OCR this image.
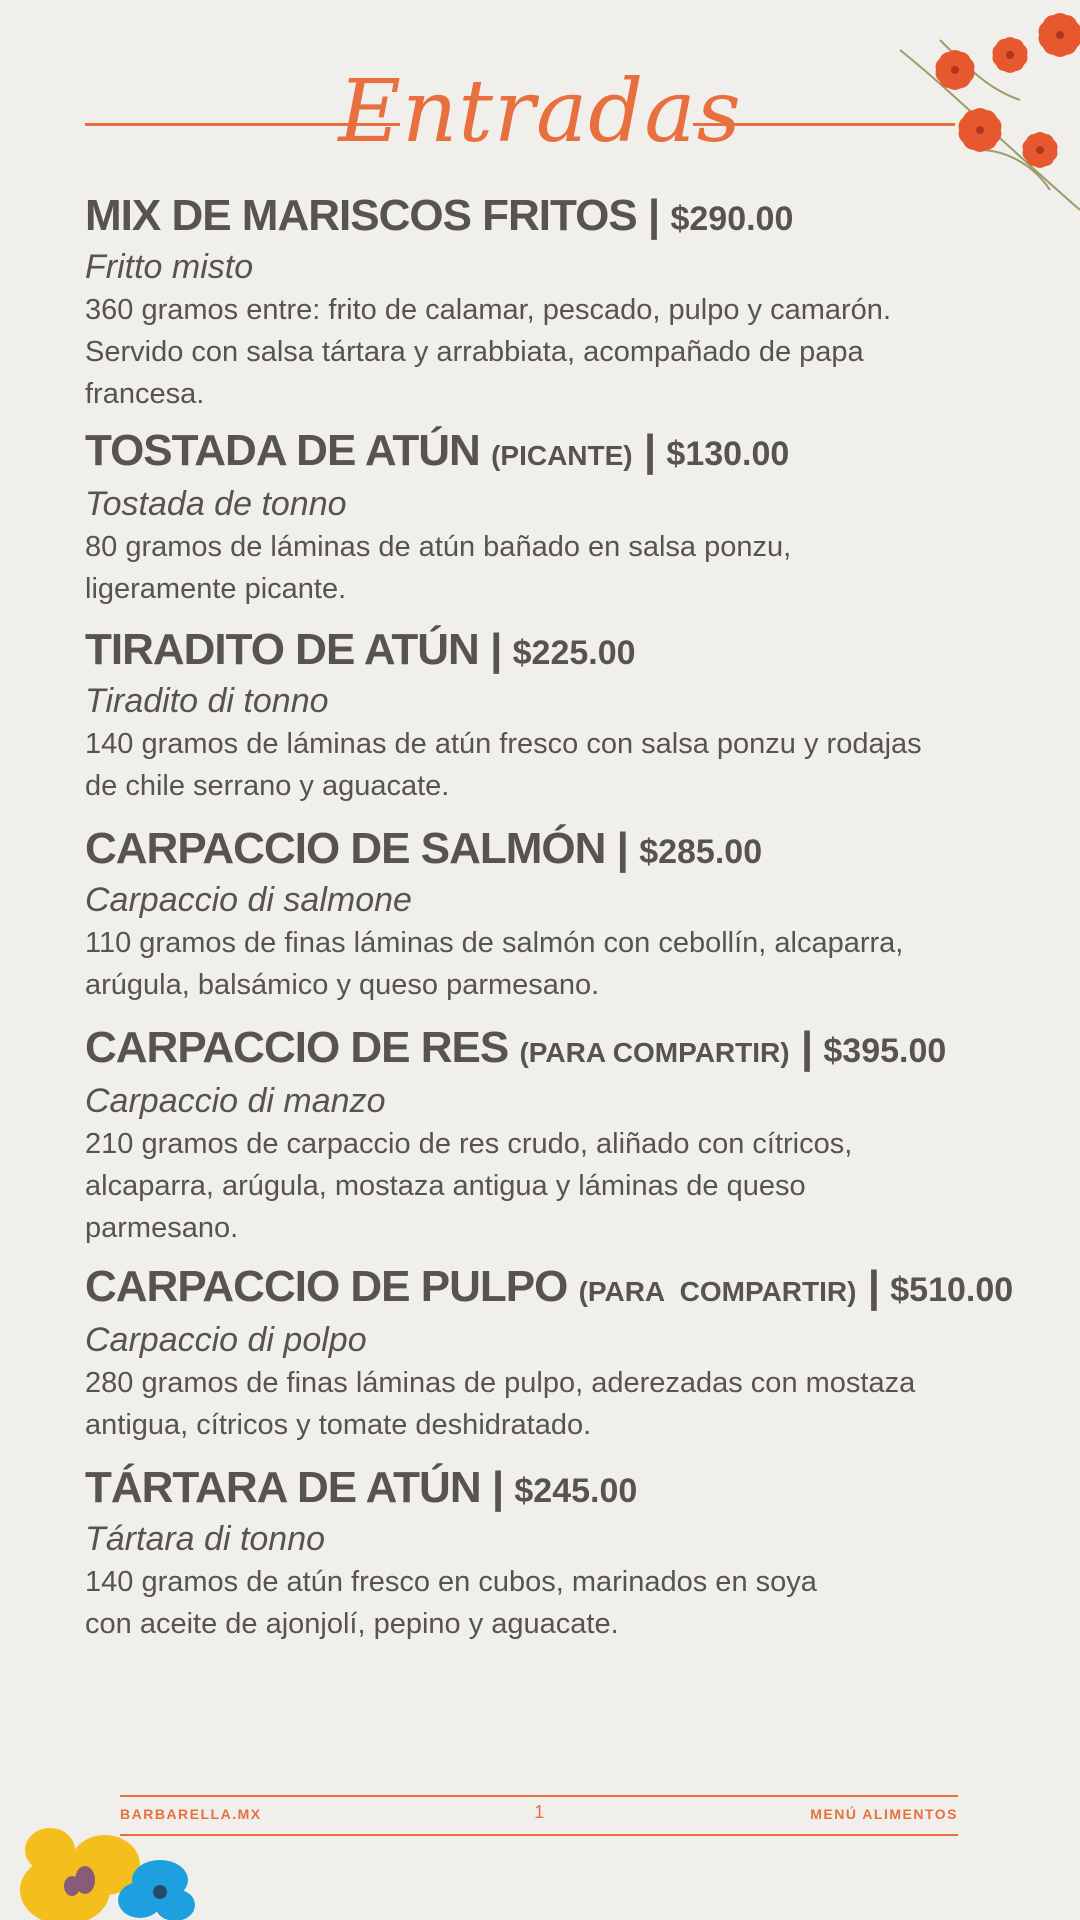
Entradas
MIX DE MARISCOS FRITOS | $290.00
Fritto misto
360 gramos entre: frito de calamar, pescado, pulpo y camarón.
Servido con salsa tártara y arrabbiata, acompañado de papa
francesa.
TOSTADA DE ATÚN (PICANTE) | $130.00
Tostada de tonno
80 gramos de láminas de atún bañado en salsa ponzu,
ligeramente picante.
TIRADITO DE ATÚN | $225.00
Tiradito di tonno
140 gramos de láminas de atún fresco con salsa ponzu y rodajas
de chile serrano y aguacate.
CARPACCIO DE SALMÓN | $285.00
Carpaccio di salmone
110 gramos de finas láminas de salmón con cebollín, alcaparra,
arúgula, balsámico y queso parmesano.
CARPACCIO DE RES (PARA COMPARTIR) | $395.00
Carpaccio di manzo
210 gramos de carpaccio de res crudo, aliñado con cítricos,
alcaparra, arúgula, mostaza antigua y láminas de queso
parmesano.
CARPACCIO DE PULPO (PARA  COMPARTIR) | $510.00
Carpaccio di polpo
280 gramos de finas láminas de pulpo, aderezadas con mostaza
antigua, cítricos y tomate deshidratado.
TÁRTARA DE ATÚN | $245.00
Tártara di tonno
140 gramos de atún fresco en cubos, marinados en soya
con aceite de ajonjolí, pepino y aguacate.
BARBARELLA.MX	1	MENÚ ALIMENTOS
